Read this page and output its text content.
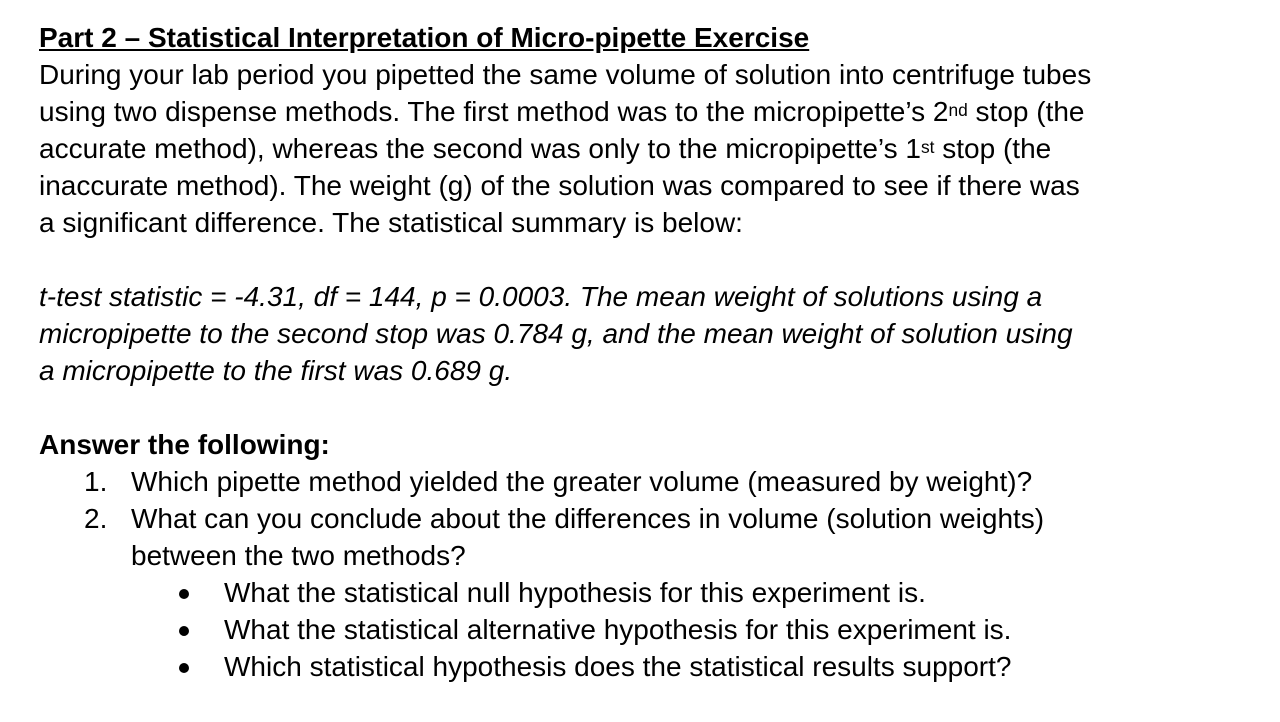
Part 2 – Statistical Interpretation of Micro-pipette Exercise

During your lab period you pipetted the same volume of solution into centrifuge tubes

using two dispense methods. The first method was to the micropipette’s 2nd stop (the

accurate method), whereas the second was only to the micropipette’s 1st stop (the

inaccurate method). The weight (g) of the solution was compared to see if there was

a significant difference. The statistical summary is below:

t-test statistic = -4.31, df = 144, p = 0.0003. The mean weight of solutions using a

micropipette to the second stop was 0.784 g, and the mean weight of solution using

a micropipette to the first was 0.689 g.

Answer the following:

1. Which pipette method yielded the greater volume (measured by weight)?
2. What can you conclude about the differences in volume (solution weights)
between the two methods?
What the statistical null hypothesis for this experiment is.
What the statistical alternative hypothesis for this experiment is.
Which statistical hypothesis does the statistical results support?
